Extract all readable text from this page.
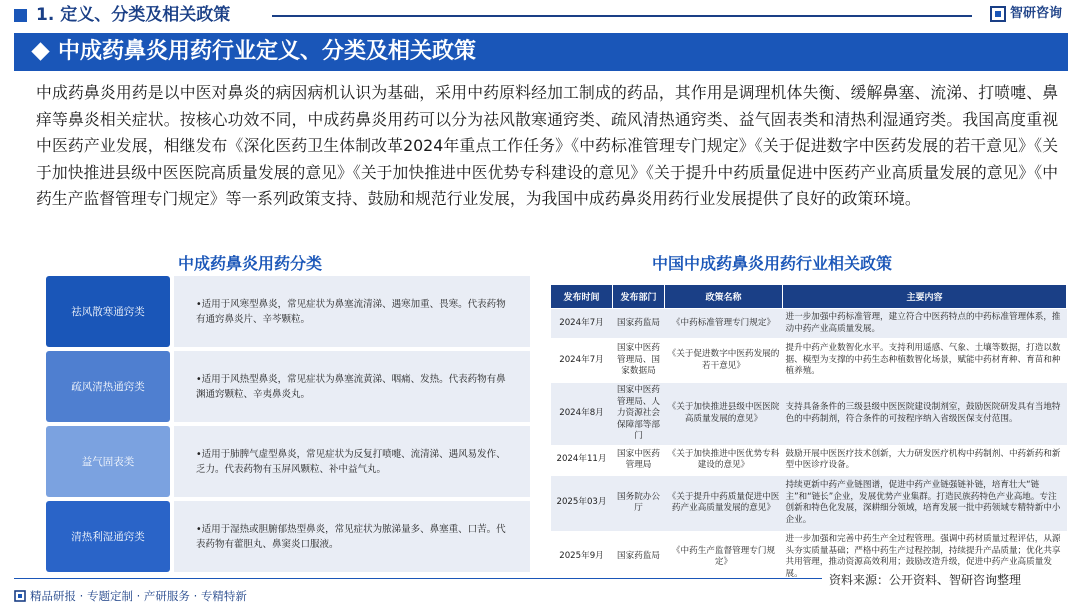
1. 定义、分类及相关政策	智研咨询
中成药鼻炎用药行业定义、分类及相关政策

中成药鼻炎用药是以中医对鼻炎的病因病机认识为基础，采用中药原料经加工制成的药品，其作用是调理机体失衡、缓解鼻塞、流涕、打喷嚏、鼻痒等鼻炎相关症状。按核心功效不同，中成药鼻炎用药可以分为祛风散寒通窍类、疏风清热通窍类、益气固表类和清热利湿通窍类。我国高度重视中医药产业发展，相继发布《深化医药卫生体制改革2024年重点工作任务》《中药标准管理专门规定》《关于促进数字中医药发展的若干意见》《关于加快推进县级中医医院高质量发展的意见》《关于加快推进中医优势专科建设的意见》《关于提升中药质量促进中医药产业高质量发展的意见》《中药生产监督管理专门规定》等一系列政策支持、鼓励和规范行业发展，为我国中成药鼻炎用药行业发展提供了良好的政策环境。

中成药鼻炎用药分类
祛风散寒通窍类
•适用于风寒型鼻炎，常见症状为鼻塞流清涕、遇寒加重、畏寒。代表药物有通窍鼻炎片、辛芩颗粒。
疏风清热通窍类
•适用于风热型鼻炎，常见症状为鼻塞流黄涕、咽痛、发热。代表药物有鼻渊通窍颗粒、辛夷鼻炎丸。
益气固表类
•适用于肺脾气虚型鼻炎，常见症状为反复打喷嚏、流清涕、遇风易发作、乏力。代表药物有玉屏风颗粒、补中益气丸。
清热利湿通窍类
•适用于湿热或胆腑郁热型鼻炎，常见症状为脓涕量多、鼻塞重、口苦。代表药物有藿胆丸、鼻窦炎口服液。
中国中成药鼻炎用药行业相关政策
发布时间	发布部门	政策名称	主要内容
2024年7月	国家药监局	《中药标准管理专门规定》	进一步加强中药标准管理，建立符合中医药特点的中药标准管理体系，推动中药产业高质量发展。
2024年7月	国家中医药管理局、国家数据局	《关于促进数字中医药发展的若干意见》	提升中药产业数智化水平。支持利用遥感、气象、土壤等数据，打造以数据、模型为支撑的中药生态种植数智化场景，赋能中药材育种、育苗和种植养殖。
2024年8月	国家中医药管理局、人力资源社会保障部等部门	《关于加快推进县级中医医院高质量发展的意见》	支持具备条件的三级县级中医医院建设制剂室，鼓励医院研发具有当地特色的中药制剂，符合条件的可按程序纳入省级医保支付范围。
2024年11月	国家中医药管理局	《关于加快推进中医优势专科建设的意见》	鼓励开展中医医疗技术创新，大力研发医疗机构中药制剂、中药新药和新型中医诊疗设备。
2025年03月	国务院办公厅	《关于提升中药质量促进中医药产业高质量发展的意见》	持续更新中药产业链图谱，促进中药产业链强链补链，培育壮大“链主”和“链长”企业，发展优势产业集群。打造民族药特色产业高地。专注创新和特色化发展，深耕细分领域，培育发展一批中药领域专精特新中小企业。
2025年9月	国家药监局	《中药生产监督管理专门规定》	进一步加强和完善中药生产全过程管理。强调中药材质量过程评估，从源头夯实质量基础；严格中药生产过程控制，持续提升产品质量；优化共享共用管理，推动资源高效利用；鼓励改造升级，促进中药产业高质量发展。 资料来源：公开资料、智研咨询整理
精品研报 · 专题定制 · 产研服务 · 专精特新
